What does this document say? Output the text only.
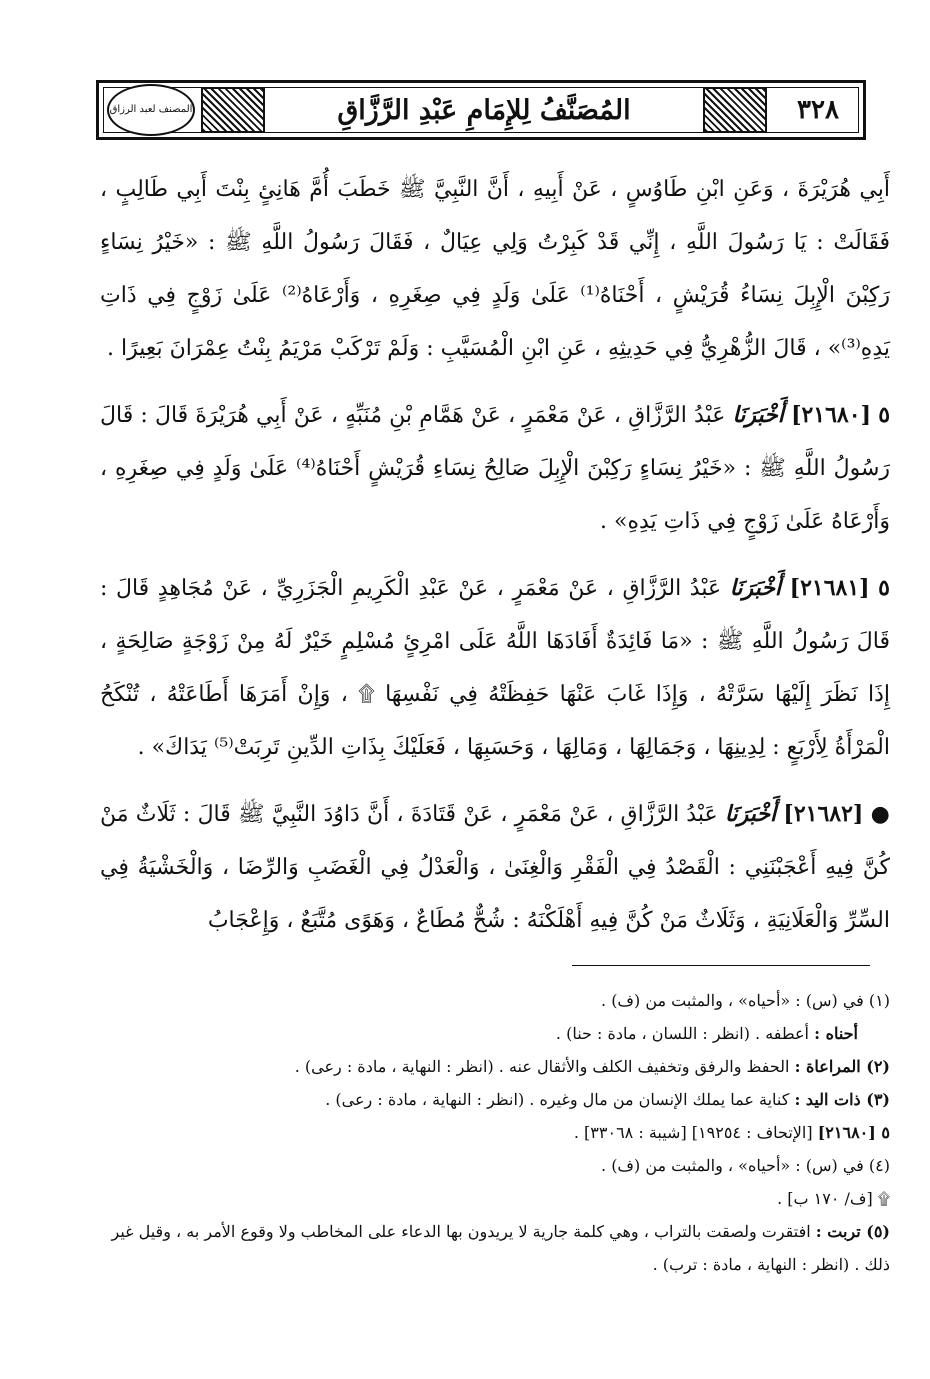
٣٢٨
المُصَنَّفُ لِلإِمَامِ عَبْدِ الرَّزَّاقِ
المصنف لعبد الرزاق

أَبِي هُرَيْرَةَ ، وَعَنِ ابْنِ طَاوُسٍ ، عَنْ أَبِيهِ ، أَنَّ النَّبِيَّ ﷺ خَطَبَ أُمَّ هَانِئٍ بِنْتَ أَبِي طَالِبٍ ، فَقَالَتْ : يَا رَسُولَ اللَّهِ ، إِنِّي قَدْ كَبِرْتُ وَلِي عِيَالٌ ، فَقَالَ رَسُولُ اللَّهِ ﷺ : «خَيْرُ نِسَاءٍ رَكِبْنَ الْإِبِلَ نِسَاءُ قُرَيْشٍ ، أَحْنَاهُ⁽¹⁾ عَلَىٰ وَلَدٍ فِي صِغَرِهِ ، وَأَرْعَاهُ⁽²⁾ عَلَىٰ زَوْجٍ فِي ذَاتِ يَدِهِ⁽³⁾» ، قَالَ الزُّهْرِيُّ فِي حَدِيثِهِ ، عَنِ ابْنِ الْمُسَيَّبِ : وَلَمْ تَرْكَبْ مَرْيَمُ بِنْتُ عِمْرَانَ بَعِيرًا .

٥ [٢١٦٨٠] أَخْبَرَنَا عَبْدُ الرَّزَّاقِ ، عَنْ مَعْمَرٍ ، عَنْ هَمَّامِ بْنِ مُنَبِّهٍ ، عَنْ أَبِي هُرَيْرَةَ قَالَ : قَالَ رَسُولُ اللَّهِ ﷺ : «خَيْرُ نِسَاءٍ رَكِبْنَ الْإِبِلَ صَالِحُ نِسَاءِ قُرَيْشٍ أَحْنَاهُ⁽⁴⁾ عَلَىٰ وَلَدٍ فِي صِغَرِهِ ، وَأَرْعَاهُ عَلَىٰ زَوْجٍ فِي ذَاتِ يَدِهِ» .

٥ [٢١٦٨١] أَخْبَرَنَا عَبْدُ الرَّزَّاقِ ، عَنْ مَعْمَرٍ ، عَنْ عَبْدِ الْكَرِيمِ الْجَزَرِيِّ ، عَنْ مُجَاهِدٍ قَالَ : قَالَ رَسُولُ اللَّهِ ﷺ : «مَا فَائِدَةٌ أَفَادَهَا اللَّهُ عَلَى امْرِئٍ مُسْلِمٍ خَيْرٌ لَهُ مِنْ زَوْجَةٍ صَالِحَةٍ ، إِذَا نَظَرَ إِلَيْهَا سَرَّتْهُ ، وَإِذَا غَابَ عَنْهَا حَفِظَتْهُ فِي نَفْسِهَا ۩ ، وَإِنْ أَمَرَهَا أَطَاعَتْهُ ، تُنْكَحُ الْمَرْأَةُ لِأَرْبَعٍ : لِدِينِهَا ، وَجَمَالِهَا ، وَمَالِهَا ، وَحَسَبِهَا ، فَعَلَيْكَ بِذَاتِ الدِّينِ تَرِبَتْ⁽⁵⁾ يَدَاكَ» .

● [٢١٦٨٢] أَخْبَرَنَا عَبْدُ الرَّزَّاقِ ، عَنْ مَعْمَرٍ ، عَنْ قَتَادَةَ ، أَنَّ دَاوُدَ النَّبِيَّ ﷺ قَالَ : ثَلَاثٌ مَنْ كُنَّ فِيهِ أَعْجَبْنَنِي : الْقَصْدُ فِي الْفَقْرِ وَالْغِنَىٰ ، وَالْعَدْلُ فِي الْغَضَبِ وَالرِّضَا ، وَالْخَشْيَةُ فِي السِّرِّ وَالْعَلَانِيَةِ ، وَثَلَاثٌ مَنْ كُنَّ فِيهِ أَهْلَكْنَهُ : شُحٌّ مُطَاعٌ ، وَهَوًى مُتَّبَعٌ ، وَإِعْجَابُ

(١) في (س) : «أحياه» ، والمثبت من (ف) .

أحناه : أعطفه . (انظر : اللسان ، مادة : حنا) .

(٢) المراعاة : الحفظ والرفق وتخفيف الكلف والأثقال عنه . (انظر : النهاية ، مادة : رعى) .

(٣) ذات اليد : كناية عما يملك الإنسان من مال وغيره . (انظر : النهاية ، مادة : رعى) .

٥ [٢١٦٨٠] [الإتحاف : ١٩٢٥٤] [شيبة : ٣٣٠٦٨] .

(٤) في (س) : «أحياه» ، والمثبت من (ف) .

۩ [ف/ ١٧٠ ب] .

(٥) تربت : افتقرت ولصقت بالتراب ، وهي كلمة جارية لا يريدون بها الدعاء على المخاطب ولا وقوع الأمر به ، وقيل غير ذلك . (انظر : النهاية ، مادة : ترب) .
